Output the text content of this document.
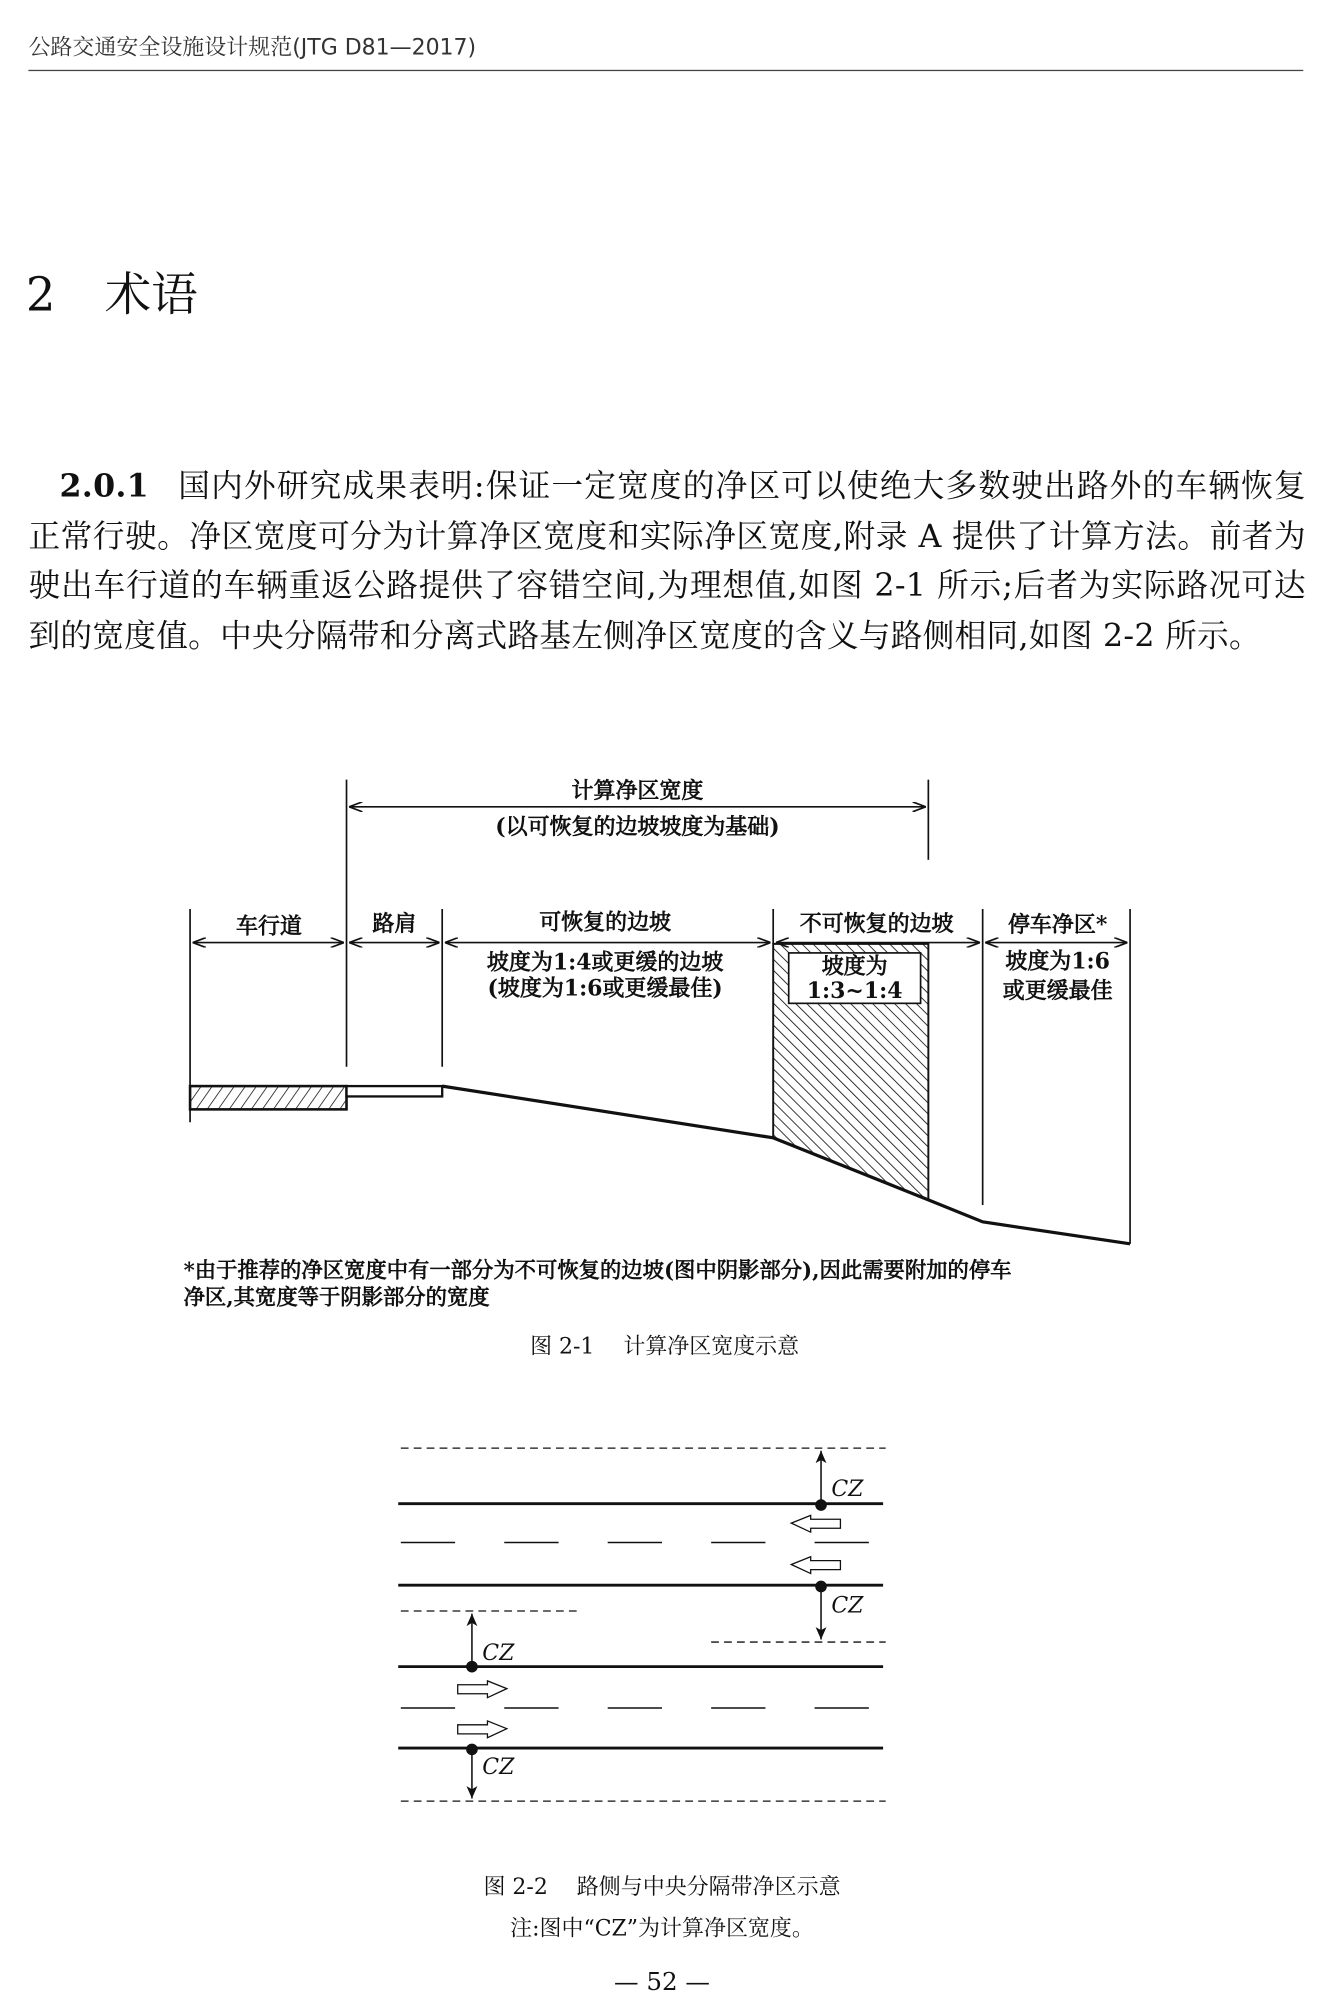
公路交通安全设施设计规范(JTG D81—2017)
2 术语
2.0.1 国内外研究成果表明:保证一定宽度的净区可以使绝大多数驶出路外的车辆恢复正常行驶。净区宽度可分为计算净区宽度和实际净区宽度,附录 A 提供了计算方法。前者为驶出车行道的车辆重返公路提供了容错空间,为理想值,如图 2-1 所示;后者为实际路况可达到的宽度值。中央分隔带和分离式路基左侧净区宽度的含义与路侧相同,如图 2-2 所示。
计算净区宽度
(以可恢复的边坡坡度为基础)
车行道	路肩	可恢复的边坡	不可恢复的边坡	停车净区*
坡度为1:4或更缓的边坡
(坡度为1:6或更缓最佳)
坡度为
1:3~1:4
坡度为1:6
或更缓最佳
*由于推荐的净区宽度中有一部分为不可恢复的边坡(图中阴影部分),因此需要附加的停车
净区,其宽度等于阴影部分的宽度
图 2-1　 计算净区宽度示意
CZ
CZ
CZ
CZ
图 2-2　 路侧与中央分隔带净区示意
注:图中“CZ”为计算净区宽度。
— 52 —
